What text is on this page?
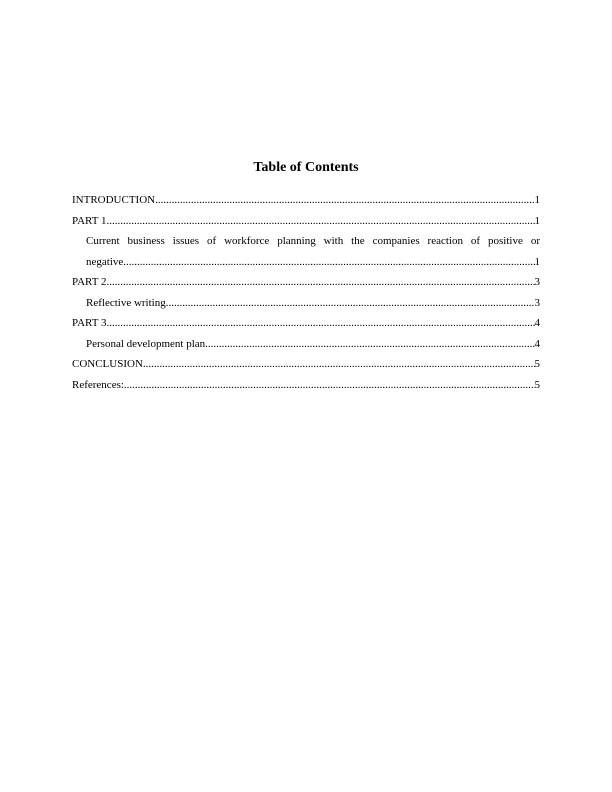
Table of Contents
INTRODUCTION .....	1
PART 1 .....	1
Current business issues of workforce planning with the companies reaction of positive or
negative. .....	1
PART 2 .....	3
Reflective writing .....	3
PART 3 .....	4
Personal development plan .....	4
CONCLUSION .....	5
References: .....	5
